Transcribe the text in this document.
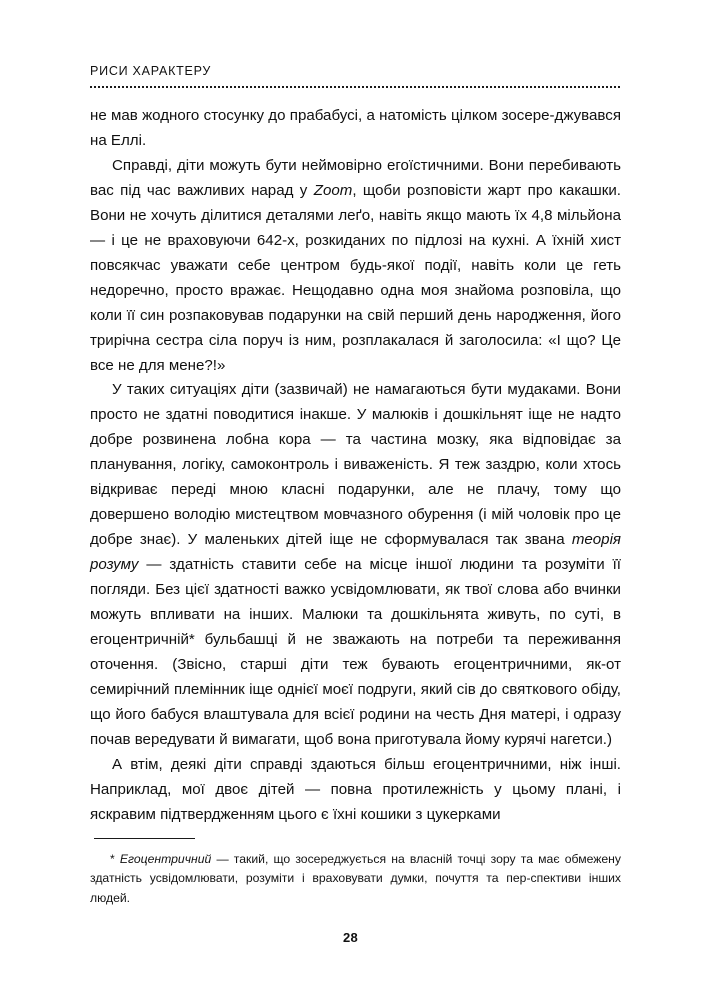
РИСИ ХАРАКТЕРУ

не мав жодного стосунку до прабабусі, а натомість цілком зосере-джувався на Еллі.

Справді, діти можуть бути неймовірно егоїстичними. Вони перебивають вас під час важливих нарад у Zoom, щоби розповісти жарт про какашки. Вони не хочуть ділитися деталями леґо, навіть якщо мають їх 4,8 мільйона — і це не враховуючи 642-х, розкиданих по підлозі на кухні. А їхній хист повсякчас уважати себе центром будь-якої події, навіть коли це геть недоречно, просто вражає. Нещодавно одна моя знайома розповіла, що коли її син розпаковував подарунки на свій перший день народження, його трирічна сестра сіла поруч із ним, розплакалася й заголосила: «І що? Це все не для мене?!»

У таких ситуаціях діти (зазвичай) не намагаються бути мудаками. Вони просто не здатні поводитися інакше. У малюків і дошкільнят іще не надто добре розвинена лобна кора — та частина мозку, яка відповідає за планування, логіку, самоконтроль і виваженість. Я теж заздрю, коли хтось відкриває переді мною класні подарунки, але не плачу, тому що довершено володію мистецтвом мовчазного обурення (і мій чоловік про це добре знає). У маленьких дітей іще не сформувалася так звана теорія розуму — здатність ставити себе на місце іншої людини та розуміти її погляди. Без цієї здатності важко усвідомлювати, як твої слова або вчинки можуть впливати на інших. Малюки та дошкільнята живуть, по суті, в егоцентричній* бульбашці й не зважають на потреби та переживання оточення. (Звісно, старші діти теж бувають егоцентричними, як-от семирічний племінник іще однієї моєї подруги, який сів до святкового обіду, що його бабуся влаштувала для всієї родини на честь Дня матері, і одразу почав вередувати й вимагати, щоб вона приготувала йому курячі нагетси.)

А втім, деякі діти справді здаються більш егоцентричними, ніж інші. Наприклад, мої двоє дітей — повна протилежність у цьому плані, і яскравим підтвердженням цього є їхні кошики з цукерками

* Егоцентричний — такий, що зосереджується на власній точці зору та має обмежену здатність усвідомлювати, розуміти і враховувати думки, почуття та пер-спективи інших людей.

28
